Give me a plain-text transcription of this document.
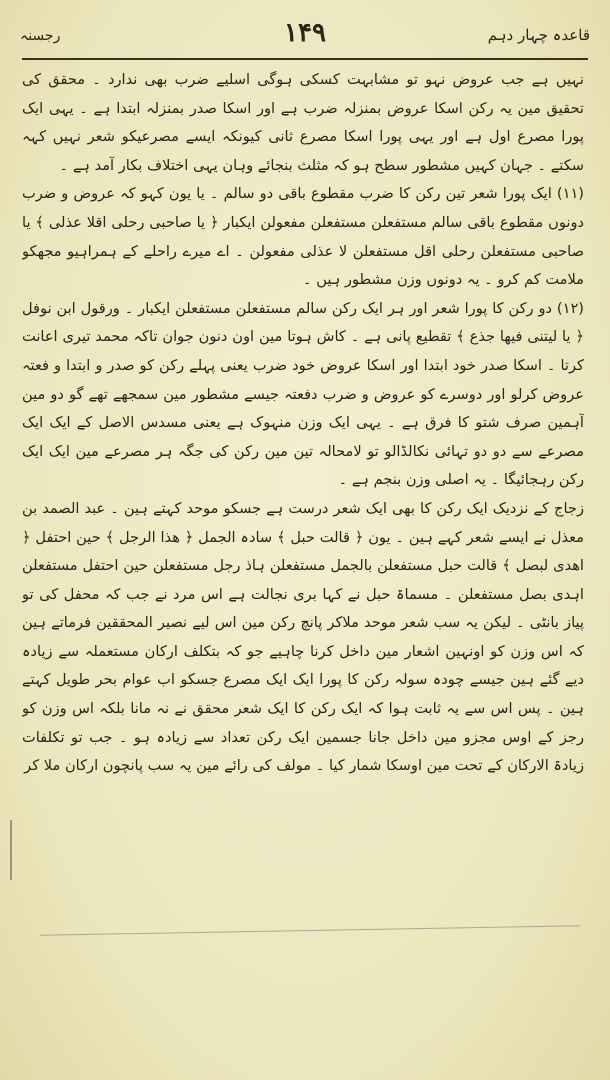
قاعدہ چہار دہم
۱۴۹
رجسنہ

نہیں ہے جب عروض نہو تو مشابہت کسکی ہوگی اسلیے ضرب بھی ندارد ۔ محقق کی تحقیق مین یہ رکن اسکا عروض بمنزلہ ضرب ہے اور اسکا صدر بمنزلہ ابتدا ہے ۔ یہی ایک پورا مصرع اول ہے اور یہی پورا اسکا مصرع ثانی کیونکہ ایسے مصرعیکو شعر نہیں کہہ سکتے ۔ جہان کہیں مشطور سطح ہو کہ مثلث بنجائے وہان یہی اختلاف بکار آمد ہے ۔

(۱۱) ایک پورا شعر تین رکن کا ضرب مقطوع باقی دو سالم ۔ یا یون کہو کہ عروض و ضرب دونوں مقطوع باقی سالم مستفعلن مستفعلن مفعولن ایکبار ﴿ یا صاحبی رحلی اقلا عذلی ﴾ یا صاحبی مستفعلن رحلی اقل مستفعلن لا عذلی مفعولن ۔ اے میرے راحلے کے ہمراہیو مجھکو ملامت کم کرو ۔ یہ دونوں وزن مشطور ہیں ۔

(۱۲) دو رکن کا پورا شعر اور ہر ایک رکن سالم مستفعلن مستفعلن ایکبار ۔ ورقول ابن نوفل ﴿ یا لیتنی فیھا جذع ﴾ تقطیع پانی ہے ۔ کاش ہوتا مین اون دنون جوان تاکہ محمد تیری اعانت کرتا ۔ اسکا صدر خود ابتدا اور اسکا عروض خود ضرب یعنی پہلے رکن کو صدر و ابتدا و فعتہ عروض کرلو اور دوسرے کو عروض و ضرب دفعتہ جیسے مشطور مین سمجھے تھے گو دو مین آہمین صرف شتو کا فرق ہے ۔ یہی ایک وزن منہوک ہے یعنی مسدس الاصل کے ایک ایک مصرعے سے دو دو تہائی نکالڈالو تو لامحالہ تین مین رکن کی جگہ ہر مصرعے مین ایک ایک رکن رہجائیگا ۔ یہ اصلی وزن بنجم ہے ۔

زجاج کے نزدیک ایک رکن کا بھی ایک شعر درست ہے جسکو موحد کہتے ہین ۔ عبد الصمد بن معذل نے ایسے شعر کہے ہین ۔ یون ﴿ قالت حبل ﴾ سادہ الجمل ﴿ ھذا الرجل ﴾ حین احتفل ﴿ اھدی لبصل ﴾ قالت حبل مستفعلن بالجمل مستفعلن ہاذ رجل مستفعلن حین احتفل مستفعلن اہدی بصل مستفعلن ۔ مسماۃ حبل نے کہا بری نجالت ہے اس مرد نے جب کہ محفل کی تو پیاز بانٹی ۔ لیکن یہ سب شعر موحد ملاکر پانچ رکن مین اس لیے نصیر المحققین فرماتے ہین کہ اس وزن کو اونہین اشعار مین داخل کرنا چاہیے جو کہ بتکلف ارکان مستعملہ سے زیادہ دیے گئے ہین جیسے چودہ سولہ رکن کا پورا ایک ایک مصرع جسکو اب عوام بحر طویل کہتے ہین ۔ پس اس سے یہ ثابت ہوا کہ ایک رکن کا ایک شعر محقق نے نہ مانا بلکہ اس وزن کو رجز کے اوس مجزو مین داخل جانا جسمین ایک رکن تعداد سے زیادہ ہو ۔ جب تو تکلفات زیادۃ الارکان کے تحت مین اوسکا شمار کیا ۔ مولف کی رائے مین یہ سب پانچون ارکان ملا کر
